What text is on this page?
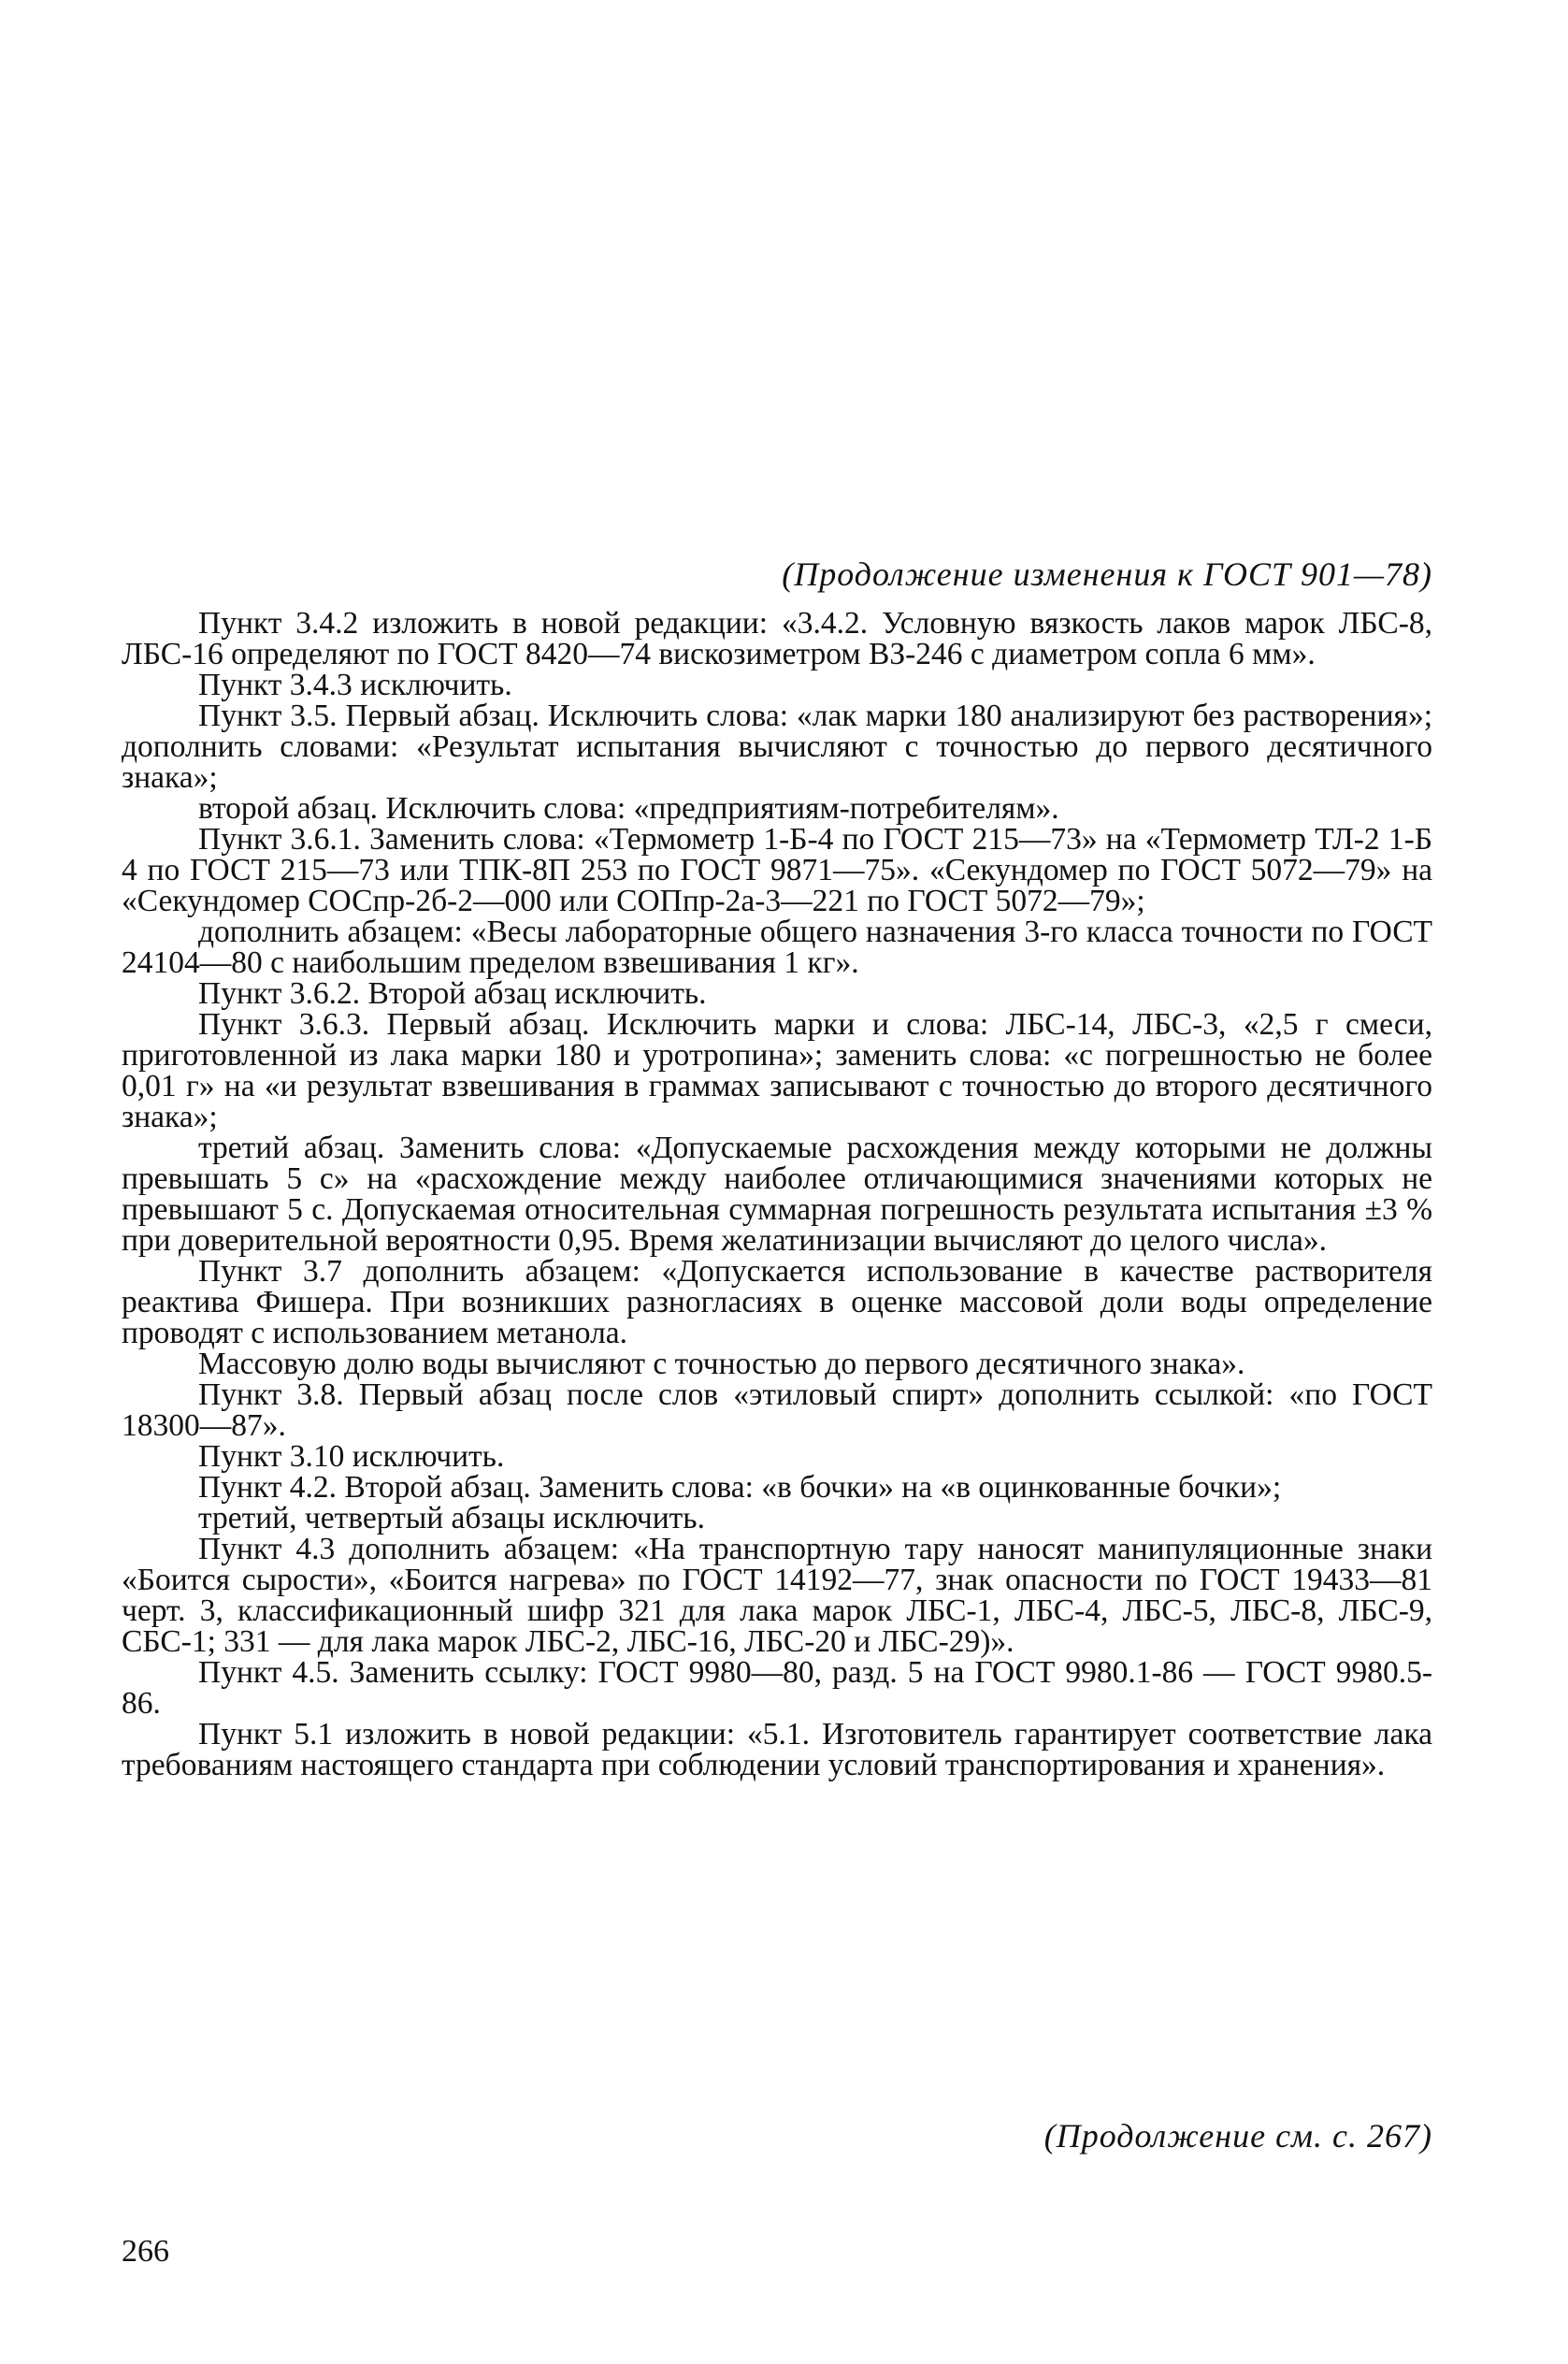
(Продолжение изменения к ГОСТ 901—78)

Пункт 3.4.2 изложить в новой редакции: «3.4.2. Условную вязкость лаков марок ЛБС-8, ЛБС-16 определяют по ГОСТ 8420—74 вискозиметром ВЗ-246 с диаметром сопла 6 мм».

Пункт 3.4.3 исключить.

Пункт 3.5. Первый абзац. Исключить слова: «лак марки 180 анализируют без растворения»; дополнить словами: «Результат испытания вычисляют с точностью до первого десятичного знака»;

второй абзац. Исключить слова: «предприятиям-потребителям».

Пункт 3.6.1. Заменить слова: «Термометр 1-Б-4 по ГОСТ 215—73» на «Термометр ТЛ-2 1-Б 4 по ГОСТ 215—73 или ТПК-8П 253 по ГОСТ 9871—75». «Секундомер по ГОСТ 5072—79» на «Секундомер СОСпр-2б-2—000 или СОПпр-2а-3—221 по ГОСТ 5072—79»;

дополнить абзацем: «Весы лабораторные общего назначения 3-го класса точности по ГОСТ 24104—80 с наибольшим пределом взвешивания 1 кг».

Пункт 3.6.2. Второй абзац исключить.

Пункт 3.6.3. Первый абзац. Исключить марки и слова: ЛБС-14, ЛБС-3, «2,5 г смеси, приготовленной из лака марки 180 и уротропина»; заменить слова: «с погрешностью не более 0,01 г» на «и результат взвешивания в граммах записывают с точностью до второго десятичного знака»;

третий абзац. Заменить слова: «Допускаемые расхождения между которыми не должны превышать 5 с» на «расхождение между наиболее отличающимися значениями которых не превышают 5 с. Допускаемая относительная суммарная погрешность результата испытания ±3 % при доверительной вероятности 0,95. Время желатинизации вычисляют до целого числа».

Пункт 3.7 дополнить абзацем: «Допускается использование в качестве растворителя реактива Фишера. При возникших разногласиях в оценке массовой доли воды определение проводят с использованием метанола.

Массовую долю воды вычисляют с точностью до первого десятичного знака».

Пункт 3.8. Первый абзац после слов «этиловый спирт» дополнить ссылкой: «по ГОСТ 18300—87».

Пункт 3.10 исключить.

Пункт 4.2. Второй абзац. Заменить слова: «в бочки» на «в оцинкованные бочки»;

третий, четвертый абзацы исключить.

Пункт 4.3 дополнить абзацем: «На транспортную тару наносят манипуляционные знаки «Боится сырости», «Боится нагрева» по ГОСТ 14192—77, знак опасности по ГОСТ 19433—81 черт. 3, классификационный шифр 321 для лака марок ЛБС-1, ЛБС-4, ЛБС-5, ЛБС-8, ЛБС-9, СБС-1; 331 — для лака марок ЛБС-2, ЛБС-16, ЛБС-20 и ЛБС-29)».

Пункт 4.5. Заменить ссылку: ГОСТ 9980—80, разд. 5 на ГОСТ 9980.1-86 — ГОСТ 9980.5-86.

Пункт 5.1 изложить в новой редакции: «5.1. Изготовитель гарантирует соответствие лака требованиям настоящего стандарта при соблюдении условий транспортирования и хранения».

(Продолжение см. с. 267)
266
